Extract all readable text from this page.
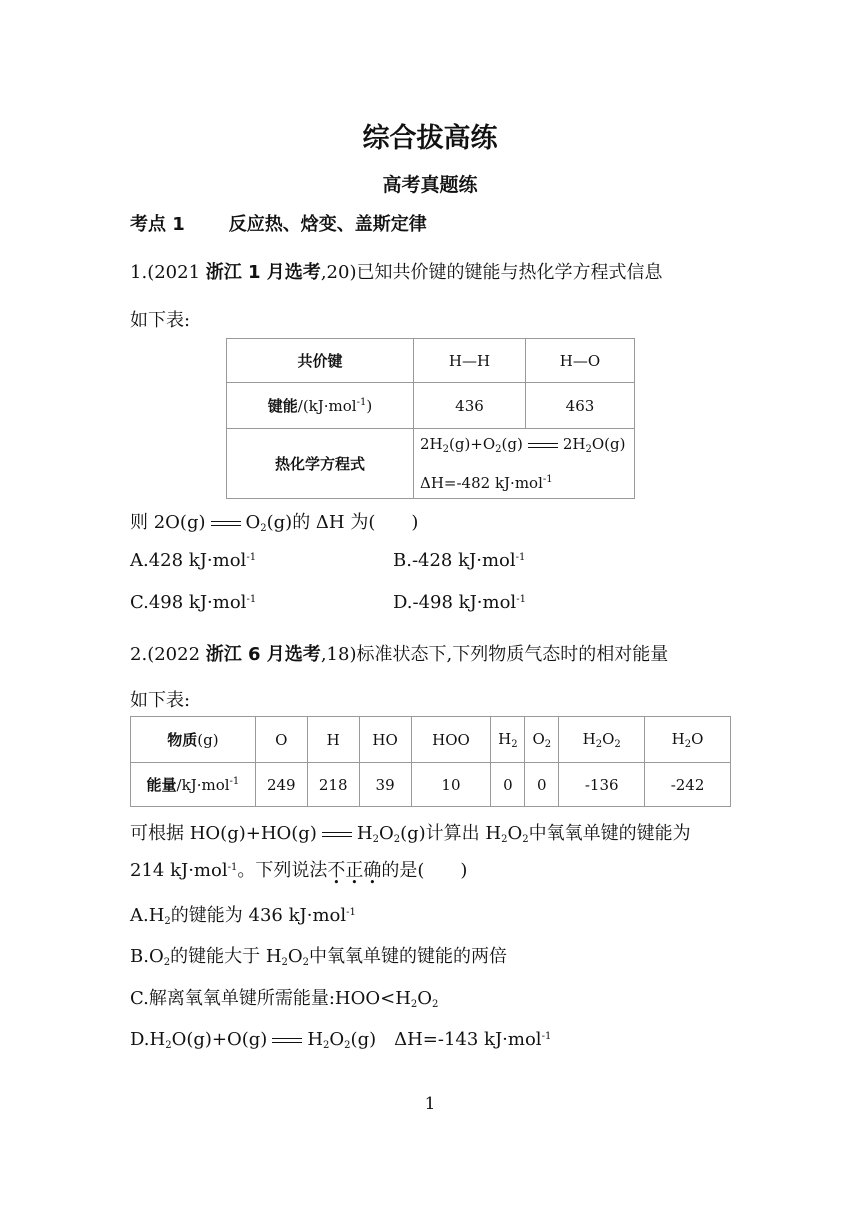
综合拔高练
高考真题练
考点 1 反应热、焓变、盖斯定律
1.(2021 浙江 1 月选考,20)已知共价键的键能与热化学方程式信息
如下表:
共价键	H—H	H—O
键能/(kJ·mol$^{-1}$)	436	463
热化学方程式	$2H_2(g)+O_2(g)$ $2H_2O(g)$
ΔH=-482 kJ·mol$^{-1}$
则 2O(g) $O_2(g)$的 ΔH 为(　　)
A.428 kJ·mol$^{-1}$	B.-428 kJ·mol$^{-1}$
C.498 kJ·mol$^{-1}$	D.-498 kJ·mol$^{-1}$
2.(2022 浙江 6 月选考,18)标准状态下,下列物质气态时的相对能量
如下表:
物质(g)	O	H	HO	HOO	$H_2$	$O_2$	$H_2O_2$	$H_2O$
能量/kJ·mol$^{-1}$	249	218	39	10	0	0	-136	-242
可根据 HO(g)+HO(g) $H_2O_2(g)$计算出 $H_2O_2$中氧氧单键的键能为
214 kJ·mol$^{-1}$。下列说法不正确的是(　　)
$A.H_2$的键能为 436 kJ·mol$^{-1}$
$B.O_2$的键能大于 $H_2O_2$中氧氧单键的键能的两倍
C.解离氧氧单键所需能量$:HOO<H_2O_2$
$D.H_2O(g)+O(g)$ $H_2O_2(g)$　ΔH=-143 kJ·mol$^{-1}$
1
